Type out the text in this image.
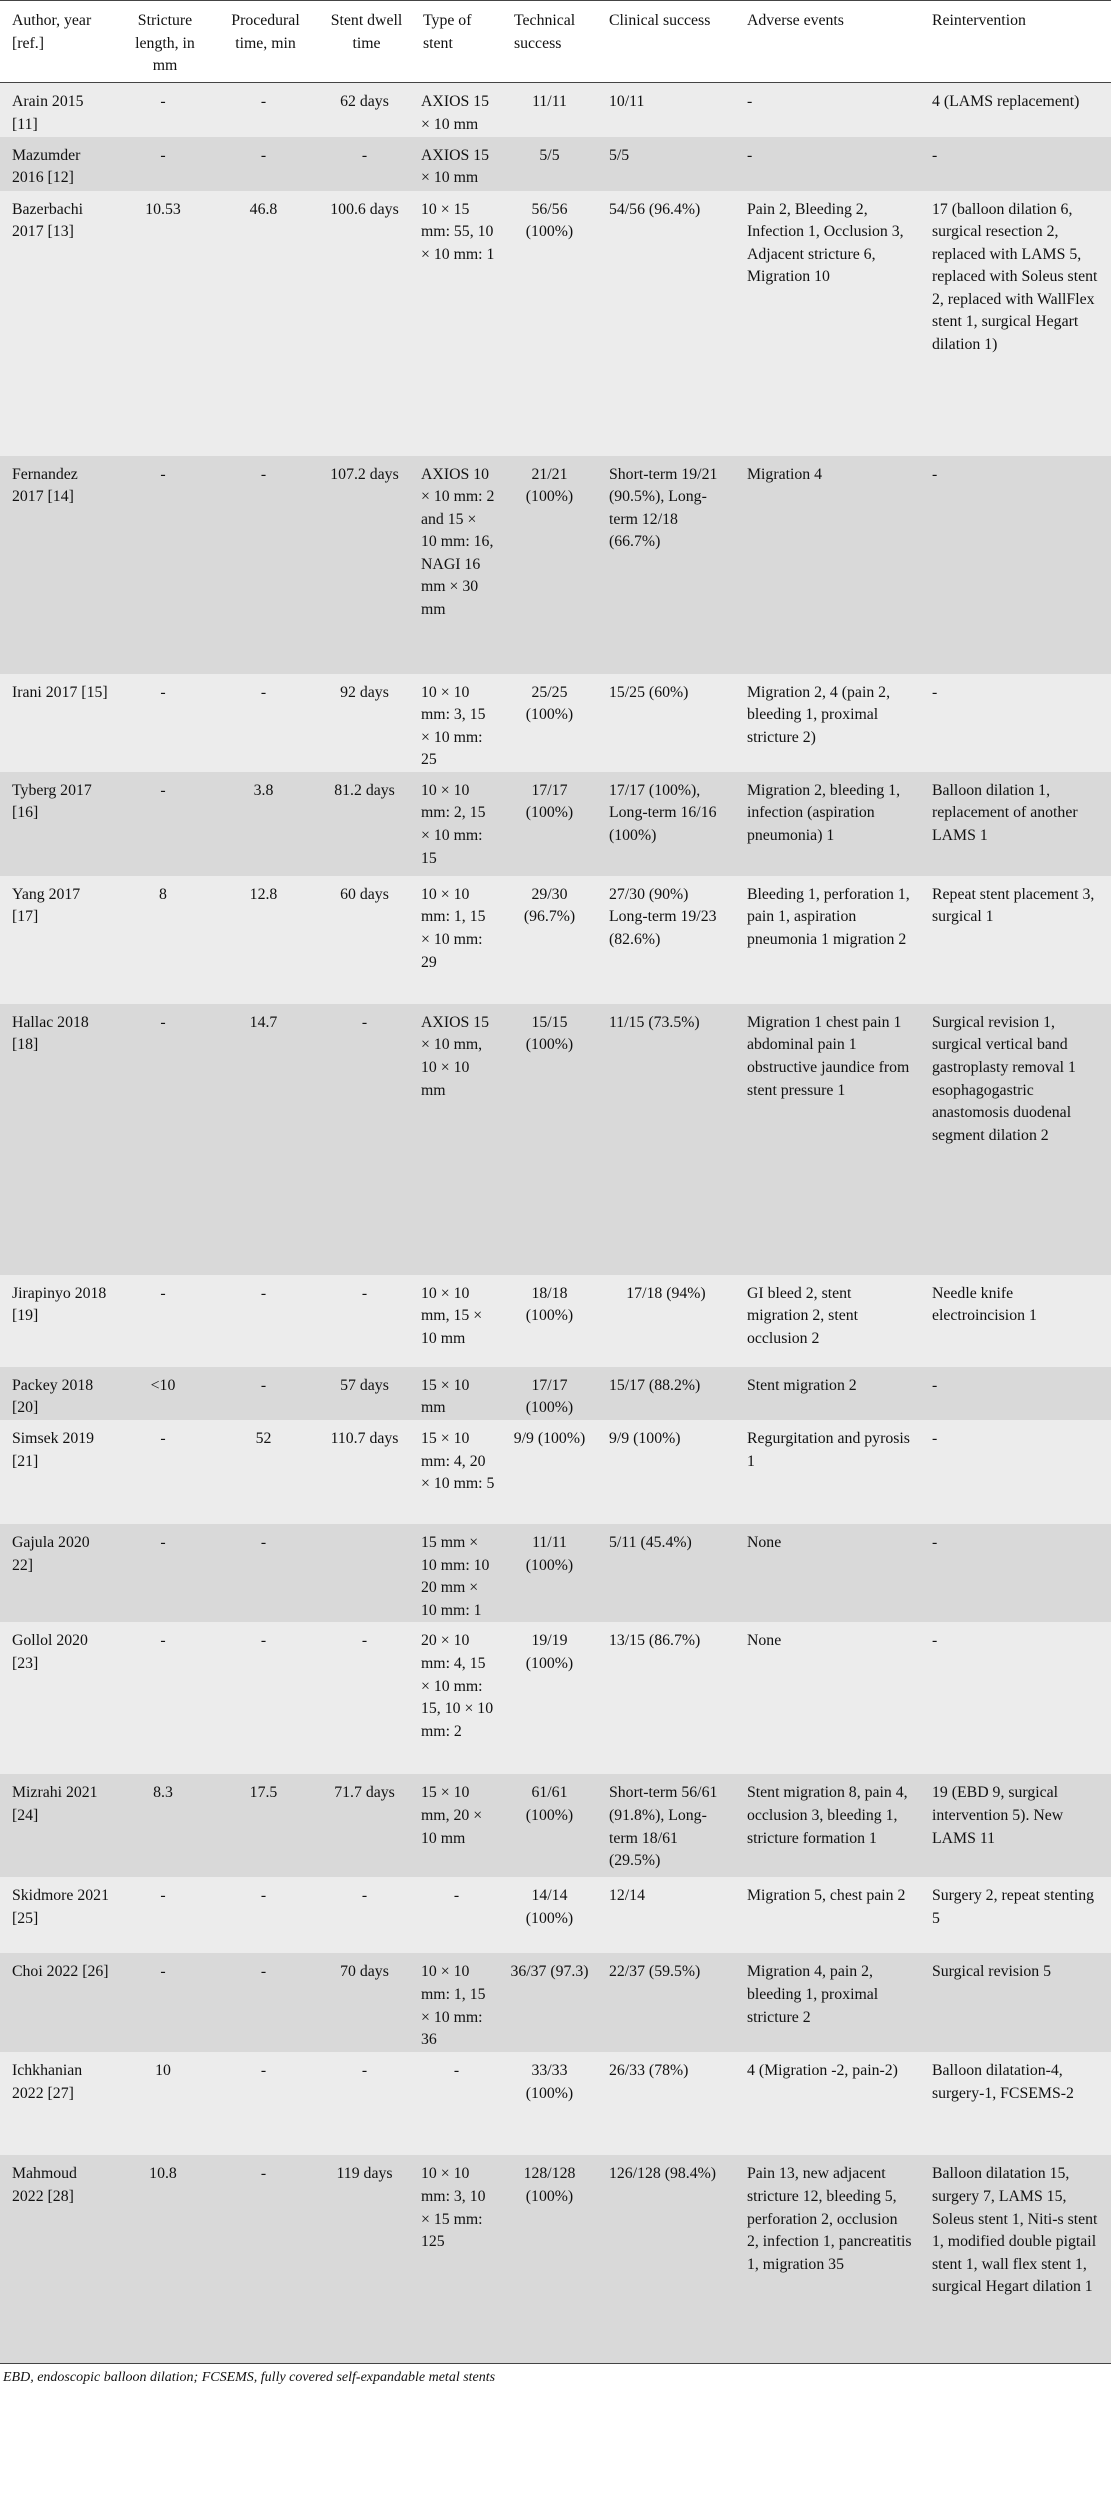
Author, year [ref.]	Stricture length, in mm	Procedural time, min	Stent dwell time	Type of stent	Technical success	Clinical success	Adverse events	Reintervention
Arain 2015 [11]	-	-	62 days	AXIOS 15 × 10 mm	11/11	10/11	-	4 (LAMS replacement)
Mazumder 2016 [12]	-	-	-	AXIOS 15 × 10 mm	5/5	5/5	-	-
Bazerbachi 2017 [13]	10.53	46.8	100.6 days	10 × 15 mm: 55, 10 × 10 mm: 1	56/56 (100%)	54/56 (96.4%)	Pain 2, Bleeding 2, Infection 1, Occlusion 3, Adjacent stricture 6, Migration 10	17 (balloon dilation 6, surgical resection 2, replaced with LAMS 5, replaced with Soleus stent 2, replaced with WallFlex stent 1, surgical Hegart dilation 1)
Fernandez 2017 [14]	-	-	107.2 days	AXIOS 10 × 10 mm: 2 and 15 × 10 mm: 16, NAGI 16 mm × 30 mm	21/21 (100%)	Short-term 19/21 (90.5%), Long-term 12/18 (66.7%)	Migration 4	-
Irani 2017 [15]	-	-	92 days	10 × 10 mm: 3, 15 × 10 mm: 25	25/25 (100%)	15/25 (60%)	Migration 2, 4 (pain 2, bleeding 1, proximal stricture 2)	-
Tyberg 2017 [16]	-	3.8	81.2 days	10 × 10 mm: 2, 15 × 10 mm: 15	17/17 (100%)	17/17 (100%), Long-term 16/16 (100%)	Migration 2, bleeding 1, infection (aspiration pneumonia) 1	Balloon dilation 1, replacement of another LAMS 1
Yang 2017 [17]	8	12.8	60 days	10 × 10 mm: 1, 15 × 10 mm: 29	29/30 (96.7%)	27/30 (90%) Long-term 19/23 (82.6%)	Bleeding 1, perforation 1, pain 1, aspiration pneumonia 1 migration 2	Repeat stent placement 3, surgical 1
Hallac 2018 [18]	-	14.7	-	AXIOS 15 × 10 mm, 10 × 10 mm	15/15 (100%)	11/15 (73.5%)	Migration 1 chest pain 1 abdominal pain 1 obstructive jaundice from stent pressure 1	Surgical revision 1, surgical vertical band gastroplasty removal 1 esophagogastric anastomosis duodenal segment dilation 2
Jirapinyo 2018 [19]	-	-	-	10 × 10 mm, 15 × 10 mm	18/18 (100%)	17/18 (94%)	GI bleed 2, stent migration 2, stent occlusion 2	Needle knife electroincision 1
Packey 2018 [20]	<10	-	57 days	15 × 10 mm	17/17 (100%)	15/17 (88.2%)	Stent migration 2	-
Simsek 2019 [21]	-	52	110.7 days	15 × 10 mm: 4, 20 × 10 mm: 5	9/9 (100%)	9/9 (100%)	Regurgitation and pyrosis 1	-
Gajula 2020 22]	-	-		15 mm × 10 mm: 10 20 mm × 10 mm: 1	11/11 (100%)	5/11 (45.4%)	None	-
Gollol 2020 [23]	-	-	-	20 × 10 mm: 4, 15 × 10 mm: 15, 10 × 10 mm: 2	19/19 (100%)	13/15 (86.7%)	None	-
Mizrahi 2021 [24]	8.3	17.5	71.7 days	15 × 10 mm, 20 × 10 mm	61/61 (100%)	Short-term 56/61 (91.8%), Long-term 18/61 (29.5%)	Stent migration 8, pain 4, occlusion 3, bleeding 1, stricture formation 1	19 (EBD 9, surgical intervention 5). New LAMS 11
Skidmore 2021 [25]	-	-	-	-	14/14 (100%)	12/14	Migration 5, chest pain 2	Surgery 2, repeat stenting 5
Choi 2022 [26]	-	-	70 days	10 × 10 mm: 1, 15 × 10 mm: 36	36/37 (97.3)	22/37 (59.5%)	Migration 4, pain 2, bleeding 1, proximal stricture 2	Surgical revision 5
Ichkhanian 2022 [27]	10	-	-	-	33/33 (100%)	26/33 (78%)	4 (Migration -2, pain-2)	Balloon dilatation-4, surgery-1, FCSEMS-2
Mahmoud 2022 [28]	10.8	-	119 days	10 × 10 mm: 3, 10 × 15 mm: 125	128/128 (100%)	126/128 (98.4%)	Pain 13, new adjacent stricture 12, bleeding 5, perforation 2, occlusion 2, infection 1, pancreatitis 1, migration 35	Balloon dilatation 15, surgery 7, LAMS 15, Soleus stent 1, Niti-s stent 1, modified double pigtail stent 1, wall flex stent 1, surgical Hegart dilation 1
EBD, endoscopic balloon dilation; FCSEMS, fully covered self-expandable metal stents
